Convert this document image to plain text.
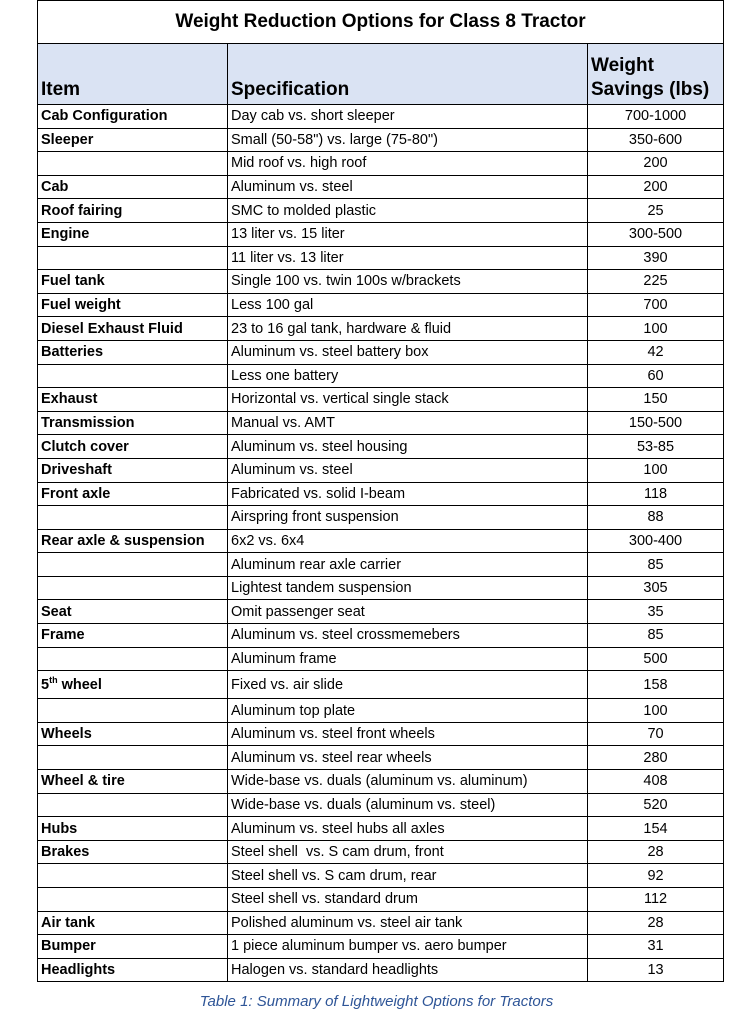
Weight Reduction Options for Class 8 Tractor		
Item	Specification	Weight Savings (lbs)
Cab Configuration	Day cab vs. short sleeper	700-1000
Sleeper	Small (50-58") vs. large (75-80")	350-600
	Mid roof vs. high roof	200
Cab	Aluminum vs. steel	200
Roof fairing	SMC to molded plastic	25
Engine	13 liter vs. 15 liter	300-500
	11 liter vs. 13 liter	390
Fuel tank	Single 100 vs. twin 100s w/brackets	225
Fuel weight	Less 100 gal	700
Diesel Exhaust Fluid	23 to 16 gal tank, hardware & fluid	100
Batteries	Aluminum vs. steel battery box	42
	Less one battery	60
Exhaust	Horizontal vs. vertical single stack	150
Transmission	Manual vs. AMT	150-500
Clutch cover	Aluminum vs. steel housing	53-85
Driveshaft	Aluminum vs. steel	100
Front axle	Fabricated vs. solid I-beam	118
	Airspring front suspension	88
Rear axle & suspension	6x2 vs. 6x4	300-400
	Aluminum rear axle carrier	85
	Lightest tandem suspension	305
Seat	Omit passenger seat	35
Frame	Aluminum vs. steel crossmemebers	85
	Aluminum frame	500
5th wheel	Fixed vs. air slide	158
	Aluminum top plate	100
Wheels	Aluminum vs. steel front wheels	70
	Aluminum vs. steel rear wheels	280
Wheel & tire	Wide-base vs. duals (aluminum vs. aluminum)	408
	Wide-base vs. duals (aluminum vs. steel)	520
Hubs	Aluminum vs. steel hubs all axles	154
Brakes	Steel shell  vs. S cam drum, front	28
	Steel shell vs. S cam drum, rear	92
	Steel shell vs. standard drum	112
Air tank	Polished aluminum vs. steel air tank	28
Bumper	1 piece aluminum bumper vs. aero bumper	31
Headlights	Halogen vs. standard headlights	13
Table 1: Summary of Lightweight Options for Tractors
